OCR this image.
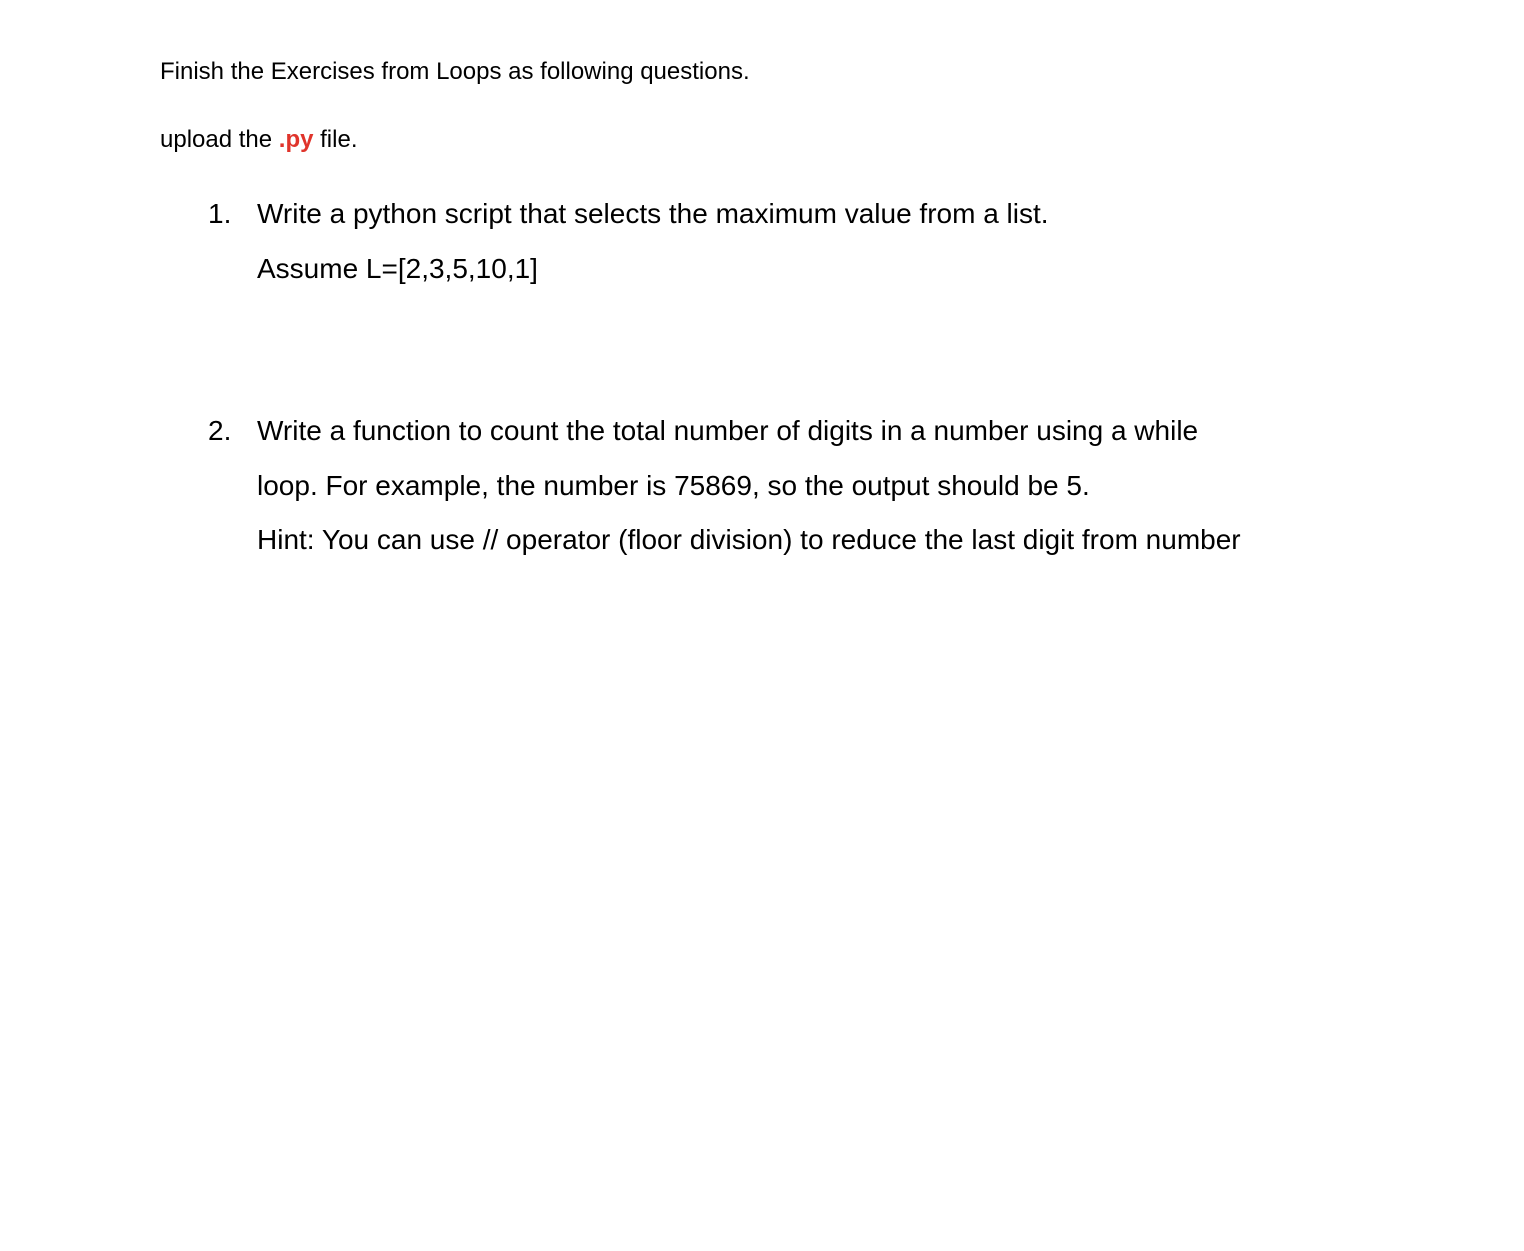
Finish the Exercises from Loops as following questions.
upload the .py file.
1. Write a python script that selects the maximum value from a list.
Assume L=[2,3,5,10,1]
2. Write a function to count the total number of digits in a number using a while
loop. For example, the number is 75869, so the output should be 5.
Hint: You can use // operator (floor division) to reduce the last digit from number
